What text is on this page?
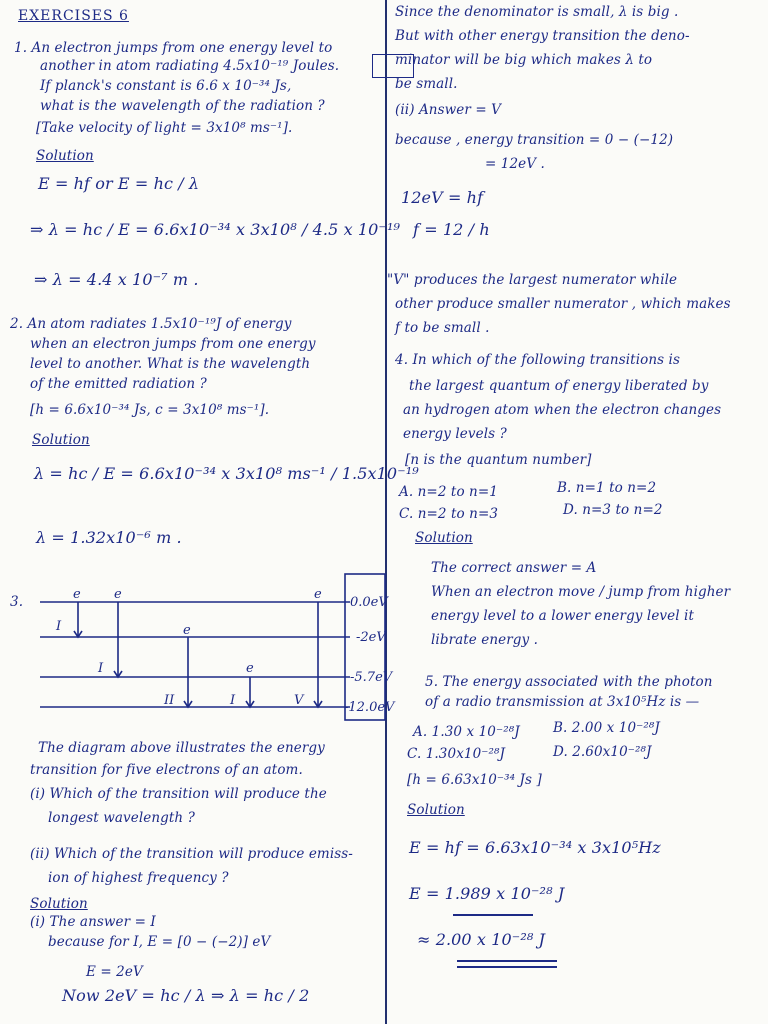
EXERCISES 6
1. An electron jumps from one energy level to
another in atom radiating 4.5x10⁻¹⁹ Joules.
If planck's constant is 6.6 x 10⁻³⁴ Js,
what is the wavelength of the radiation ?
[Take velocity of light = 3x10⁸ ms⁻¹].
Solution
E = hf or E = hc / λ
⇒ λ = hc / E = 6.6x10⁻³⁴ x 3x10⁸ / 4.5 x 10⁻¹⁹
⇒ λ = 4.4 x 10⁻⁷ m .
2. An atom radiates 1.5x10⁻¹⁹J of energy
when an electron jumps from one energy
level to another. What is the wavelength
of the emitted radiation ?
[h = 6.6x10⁻³⁴ Js, c = 3x10⁸ ms⁻¹].
Solution
λ = hc / E = 6.6x10⁻³⁴ x 3x10⁸ ms⁻¹ / 1.5x10⁻¹⁹
λ = 1.32x10⁻⁶ m .
3.	e	e
e
e
e
I
I
II	I	V
0.0eV
-2eV
-5.7eV
-12.0eV
The diagram above illustrates the energy
transition for five electrons of an atom.
(i) Which of the transition will produce the
longest wavelength ?
(ii) Which of the transition will produce emiss-
ion of highest frequency ?
Solution
(i) The answer = I
because for I, E = [0 − (−2)] eV
E = 2eV
Now 2eV = hc / λ ⇒ λ = hc / 2
Since the denominator is small, λ is big .
But with other energy transition the deno-
minator will be big which makes λ to
be small.
(ii) Answer = V
because , energy transition = 0 − (−12)
= 12eV .
12eV = hf
f = 12 / h
"V" produces the largest numerator while
other produce smaller numerator , which makes
f to be small .
4. In which of the following transitions is
the largest quantum of energy liberated by
an hydrogen atom when the electron changes
energy levels ?
[n is the quantum number]
A. n=2 to n=1	B. n=1 to n=2
C. n=2 to n=3	D. n=3 to n=2
Solution
The correct answer = A
When an electron move / jump from higher
energy level to a lower energy level it
librate energy .
5. The energy associated with the photon
of a radio transmission at 3x10⁵Hz is —
A. 1.30 x 10⁻²⁸J B. 2.00 x 10⁻²⁸J
C. 1.30x10⁻²⁸J	D. 2.60x10⁻²⁸J
[h = 6.63x10⁻³⁴ Js ]
Solution
E = hf = 6.63x10⁻³⁴ x 3x10⁵Hz
E = 1.989 x 10⁻²⁸ J
≈ 2.00 x 10⁻²⁸ J
